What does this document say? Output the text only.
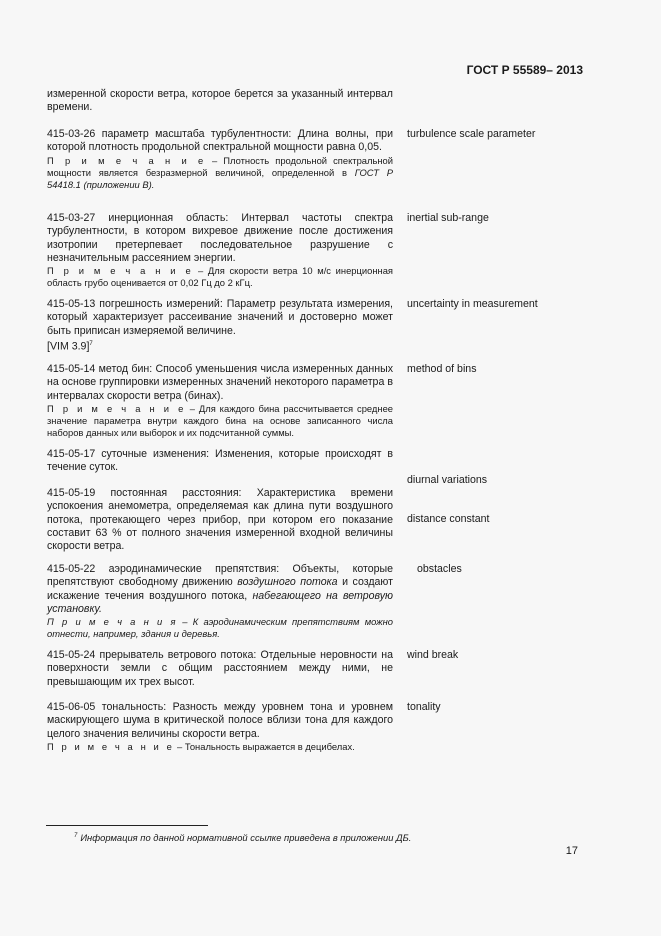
ГОСТ Р 55589– 2013

измеренной скорости ветра, которое берется за указанный интервал времени.

415-03-26 параметр масштаба турбулентности: Длина волны, при которой плотность продольной спектральной мощности равна 0,05.

П р и м е ч а н и е – Плотность продольной спектральной мощности является безразмерной величиной, определенной в ГОСТ Р 54418.1 (приложении В).

turbulence scale parameter

415-03-27 инерционная область: Интервал частоты спектра турбулентности, в котором вихревое движение после достижения изотропии претерпевает последовательное разрушение с незначительным рассеянием энергии.

П р и м е ч а н и е – Для скорости ветра 10 м/с инерционная область грубо оценивается от 0,02 Гц до 2 кГц.

inertial sub-range

415-05-13 погрешность измерений: Параметр результата измерения, который характеризует рассеивание значений и достоверно может быть приписан измеряемой величине.

[VIM 3.9]$^7$

uncertainty in measurement

415-05-14 метод бин: Способ уменьшения числа измеренных данных на основе группировки измеренных значений некоторого параметра в интервалах скорости ветра (бинах).

П р и м е ч а н и е – Для каждого бина рассчитывается среднее значение параметра внутри каждого бина на основе записанного числа наборов данных или выборок и их подсчитанной суммы.

method of bins

415-05-17 суточные изменения: Изменения, которые происходят в течение суток.

diurnal variations

415-05-19 постоянная расстояния: Характеристика времени успокоения анемометра, определяемая как длина пути воздушного потока, протекающего через прибор, при котором его показание составит 63 % от полного значения измеренной входной величины скорости ветра.

distance constant

415-05-22 аэродинамические препятствия: Объекты, которые препятствуют свободному движению воздушного потока и создают искажение течения воздушного потока, набегающего на ветровую установку.

П р и м е ч а н и я – К аэродинамическим препятствиям можно отнести, например, здания и деревья.

obstacles

415-05-24 прерыватель ветрового потока: Отдельные неровности на поверхности земли с общим расстоянием между ними, не превышающим их трех высот.

wind break

415-06-05 тональность: Разность между уровнем тона и уровнем маскирующего шума в критической полосе вблизи тона для каждого целого значения величины скорости ветра.

П р и м е ч а н и е – Тональность выражается в децибелах.

tonality
$^7$ Информация по данной нормативной ссылке приведена в приложении ДБ.
17
